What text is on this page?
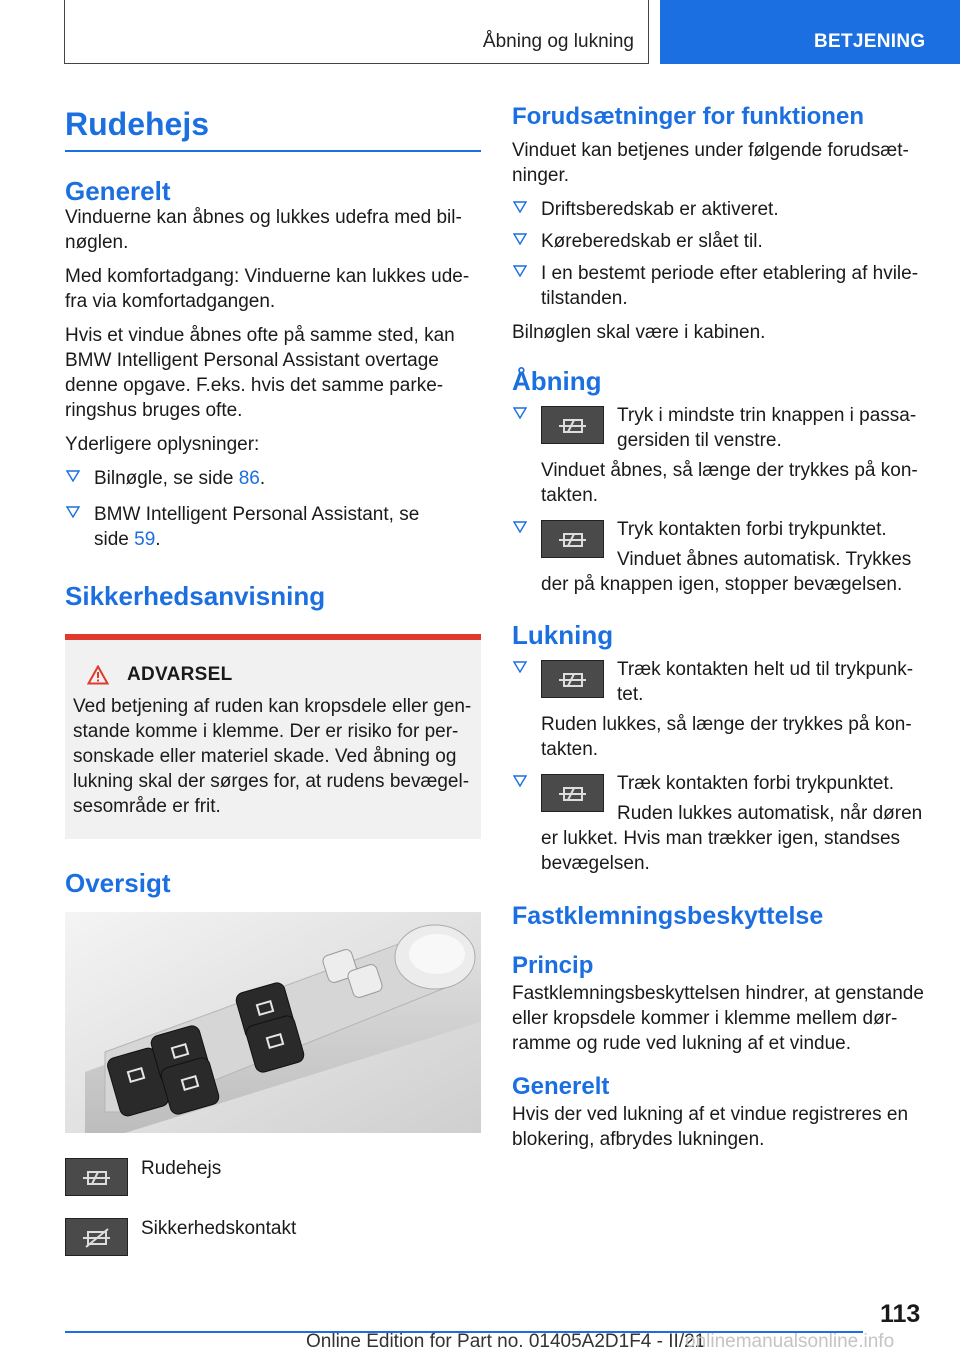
Åbning og lukning	BETJENING
Rudehejs
Generelt

Vinduerne kan åbnes og lukkes udefra med bil-
nøglen.

Med komfortadgang: Vinduerne kan lukkes ude-
fra via komfortadgangen.

Hvis et vindue åbnes ofte på samme sted, kan
BMW Intelligent Personal Assistant overtage
denne opgave. F.eks. hvis det samme parke-
ringshus bruges ofte.

Yderligere oplysninger:

Bilnøgle, se side 86.
BMW Intelligent Personal Assistant, se
side 59.
Sikkerhedsanvisning
ADVARSEL

Ved betjening af ruden kan kropsdele eller gen-
stande komme i klemme. Der er risiko for per-
sonskade eller materiel skade. Ved åbning og
lukning skal der sørges for, at rudens bevægel-
sesområde er frit.

Oversigt
Rudehejs
Sikkerhedskontakt
Forudsætninger for funktionen

Vinduet kan betjenes under følgende forudsæt-
ninger.

Driftsberedskab er aktiveret.
Køreberedskab er slået til.
I en bestemt periode efter etablering af hvile-
tilstanden.

Bilnøglen skal være i kabinen.

Åbning
Tryk i mindste trin knappen i passa-
gersiden til venstre.

Vinduet åbnes, så længe der trykkes på kon-
takten.

Tryk kontakten forbi trykpunktet.
Vinduet åbnes automatisk. Trykkes

der på knappen igen, stopper bevægelsen.

Lukning
Træk kontakten helt ud til trykpunk-
tet.

Ruden lukkes, så længe der trykkes på kon-
takten.

Træk kontakten forbi trykpunktet.
Ruden lukkes automatisk, når døren

er lukket. Hvis man trækker igen, standses
bevægelsen.

Fastklemningsbeskyttelse
Princip

Fastklemningsbeskyttelsen hindrer, at genstande
eller kropsdele kommer i klemme mellem dør-
ramme og rude ved lukning af et vindue.

Generelt

Hvis der ved lukning af et vindue registreres en
blokering, afbrydes lukningen.

113
Online Edition for Part no. 01405A2D1F4 - II/21
onlinemanualsonline.info
